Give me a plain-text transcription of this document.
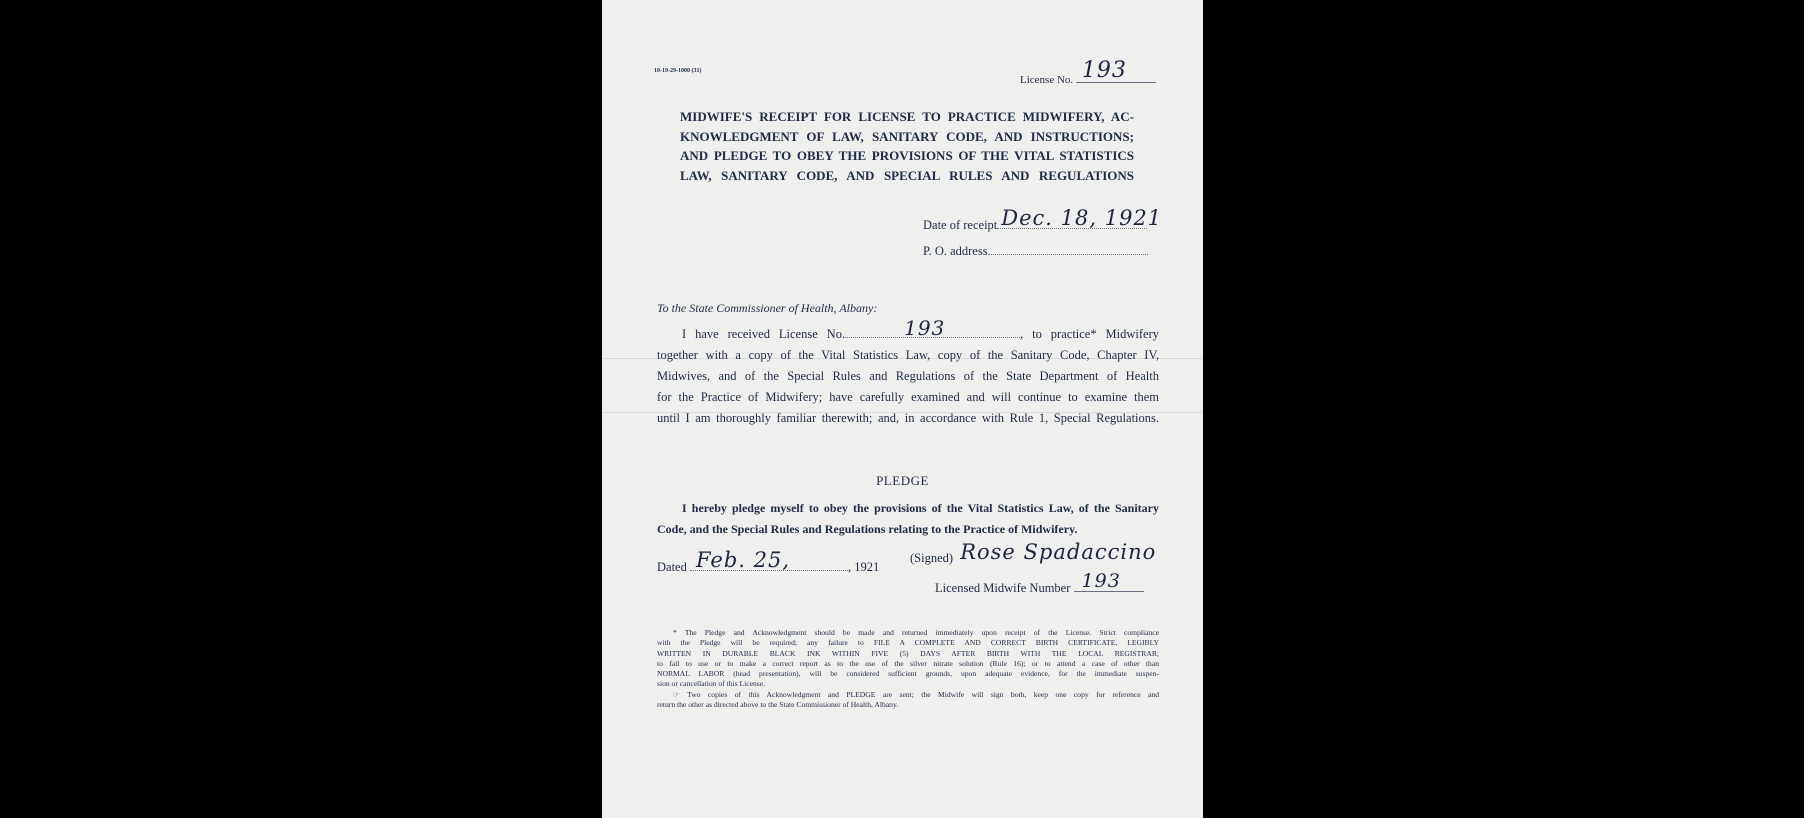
10-19-29-1000 (31)
License No. 193
MIDWIFE'S RECEIPT FOR LICENSE TO PRACTICE MIDWIFERY, AC-
KNOWLEDGMENT OF LAW, SANITARY CODE, AND INSTRUCTIONS;
AND PLEDGE TO OBEY THE PROVISIONS OF THE VITAL STATISTICS
LAW, SANITARY CODE, AND SPECIAL RULES AND REGULATIONS
Date of receipt Dec. 18, 1921
P. O. address
To the State Commissioner of Health, Albany:
I have received License No.	193	, to practice* Midwifery
together with a copy of the Vital Statistics Law, copy of the Sanitary Code, Chapter IV,
Midwives, and of the Special Rules and Regulations of the State Department of Health
for the Practice of Midwifery; have carefully examined and will continue to examine them
until I am thoroughly familiar therewith; and, in accordance with Rule 1, Special Regulations.
PLEDGE
I hereby pledge myself to obey the provisions of the Vital Statistics Law, of the Sanitary
Code, and the Special Rules and Regulations relating to the Practice of Midwifery.
Dated Feb. 25,	, 1921
(Signed) Rose Spadaccino
Licensed Midwife Number 193
* The Pledge and Acknowledgment should be made and returned immediately upon receipt of the License. Strict compliance
with the Pledge will be required; any failure to FILE A COMPLETE AND CORRECT BIRTH CERTIFICATE, LEGIBLY
WRITTEN IN DURABLE BLACK INK WITHIN FIVE (5) DAYS AFTER BIRTH WITH THE LOCAL REGISTRAR;
to fail to use or to make a correct report as to the use of the silver nitrate solution (Rule 16); or to attend a case of other than
NORMAL LABOR (head presentation), will be considered sufficient grounds, upon adequate evidence, for the immediate suspen-
sion or cancellation of this License.
☞ Two copies of this Acknowledgment and PLEDGE are sent; the Midwife will sign both, keep one copy for reference and
return the other as directed above to the State Commissioner of Health, Albany.
